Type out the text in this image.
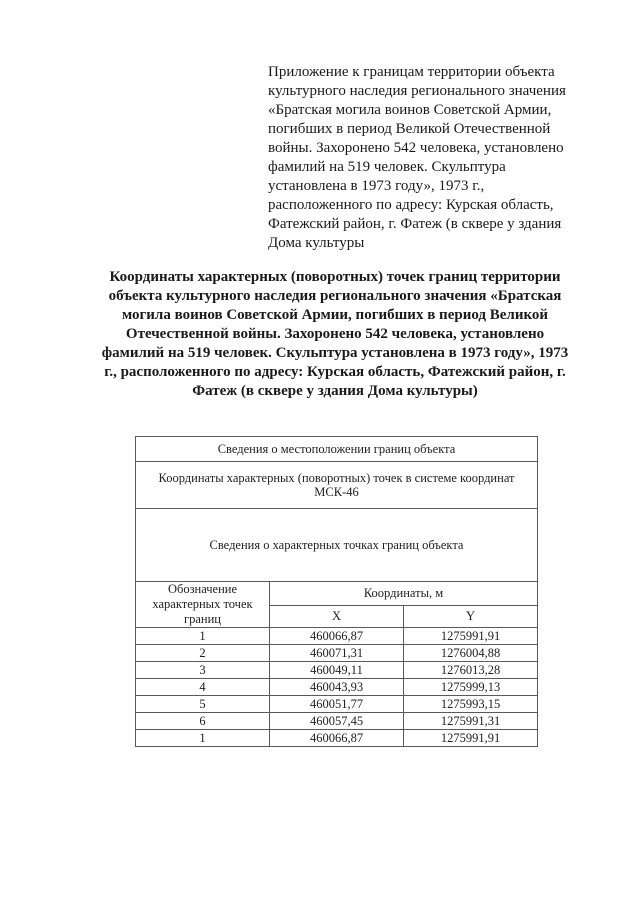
Приложение к границам территории объекта культурного наследия регионального значения «Братская могила воинов Советской Армии, погибших в период Великой Отечественной войны. Захоронено 542 человека, установлено фамилий на 519 человек. Скульптура установлена в 1973 году», 1973 г., расположенного по адресу: Курская область, Фатежский район, г. Фатеж (в сквере у здания Дома культуры
Координаты характерных (поворотных) точек границ территории объекта культурного наследия регионального значения «Братская могила воинов Советской Армии, погибших в период Великой Отечественной войны. Захоронено 542 человека, установлено фамилий на 519 человек. Скульптура установлена в 1973 году», 1973 г., расположенного по адресу: Курская область, Фатежский район, г. Фатеж (в сквере у здания Дома культуры)
Сведения о местоположении границ объекта		
Координаты характерных (поворотных) точек в системе координат МСК-46		
Сведения о характерных точках границ объекта		
Обозначение характерных точек границ	Координаты, м	
	X	Y
1	460066,87	1275991,91
2	460071,31	1276004,88
3	460049,11	1276013,28
4	460043,93	1275999,13
5	460051,77	1275993,15
6	460057,45	1275991,31
1	460066,87	1275991,91
